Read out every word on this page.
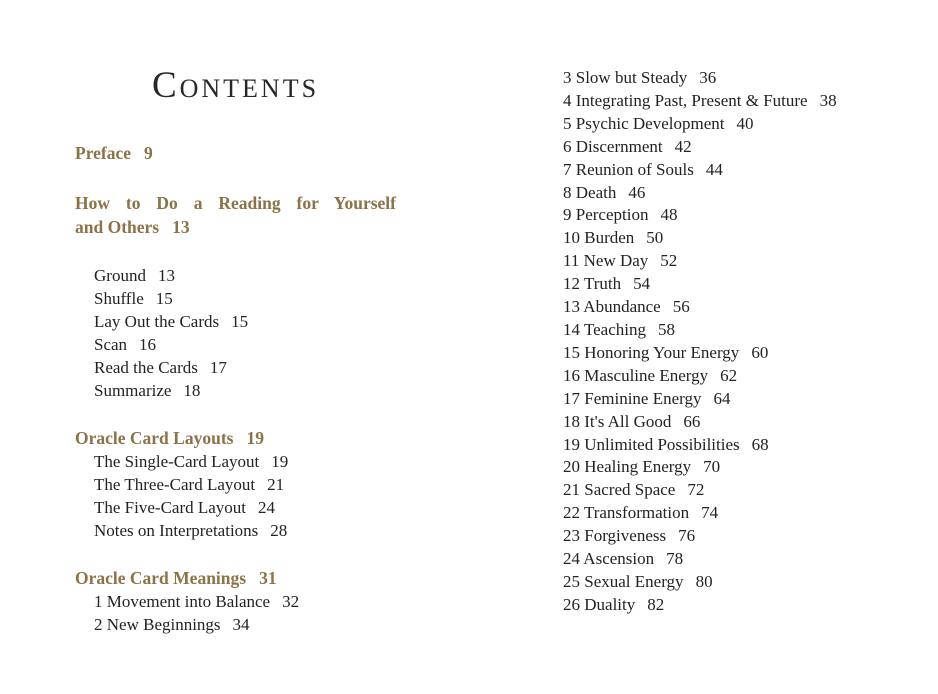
Contents
Preface 9
How to Do a Reading for Yourself
and Others 13
Ground 13
Shuffle 15
Lay Out the Cards 15
Scan 16
Read the Cards 17
Summarize 18
Oracle Card Layouts 19
The Single-Card Layout 19
The Three-Card Layout 21
The Five-Card Layout 24
Notes on Interpretations 28
Oracle Card Meanings 31
1 Movement into Balance 32
2 New Beginnings 34
3 Slow but Steady 36
4 Integrating Past, Present & Future 38
5 Psychic Development 40
6 Discernment 42
7 Reunion of Souls 44
8 Death 46
9 Perception 48
10 Burden 50
11 New Day 52
12 Truth 54
13 Abundance 56
14 Teaching 58
15 Honoring Your Energy 60
16 Masculine Energy 62
17 Feminine Energy 64
18 It's All Good 66
19 Unlimited Possibilities 68
20 Healing Energy 70
21 Sacred Space 72
22 Transformation 74
23 Forgiveness 76
24 Ascension 78
25 Sexual Energy 80
26 Duality 82
